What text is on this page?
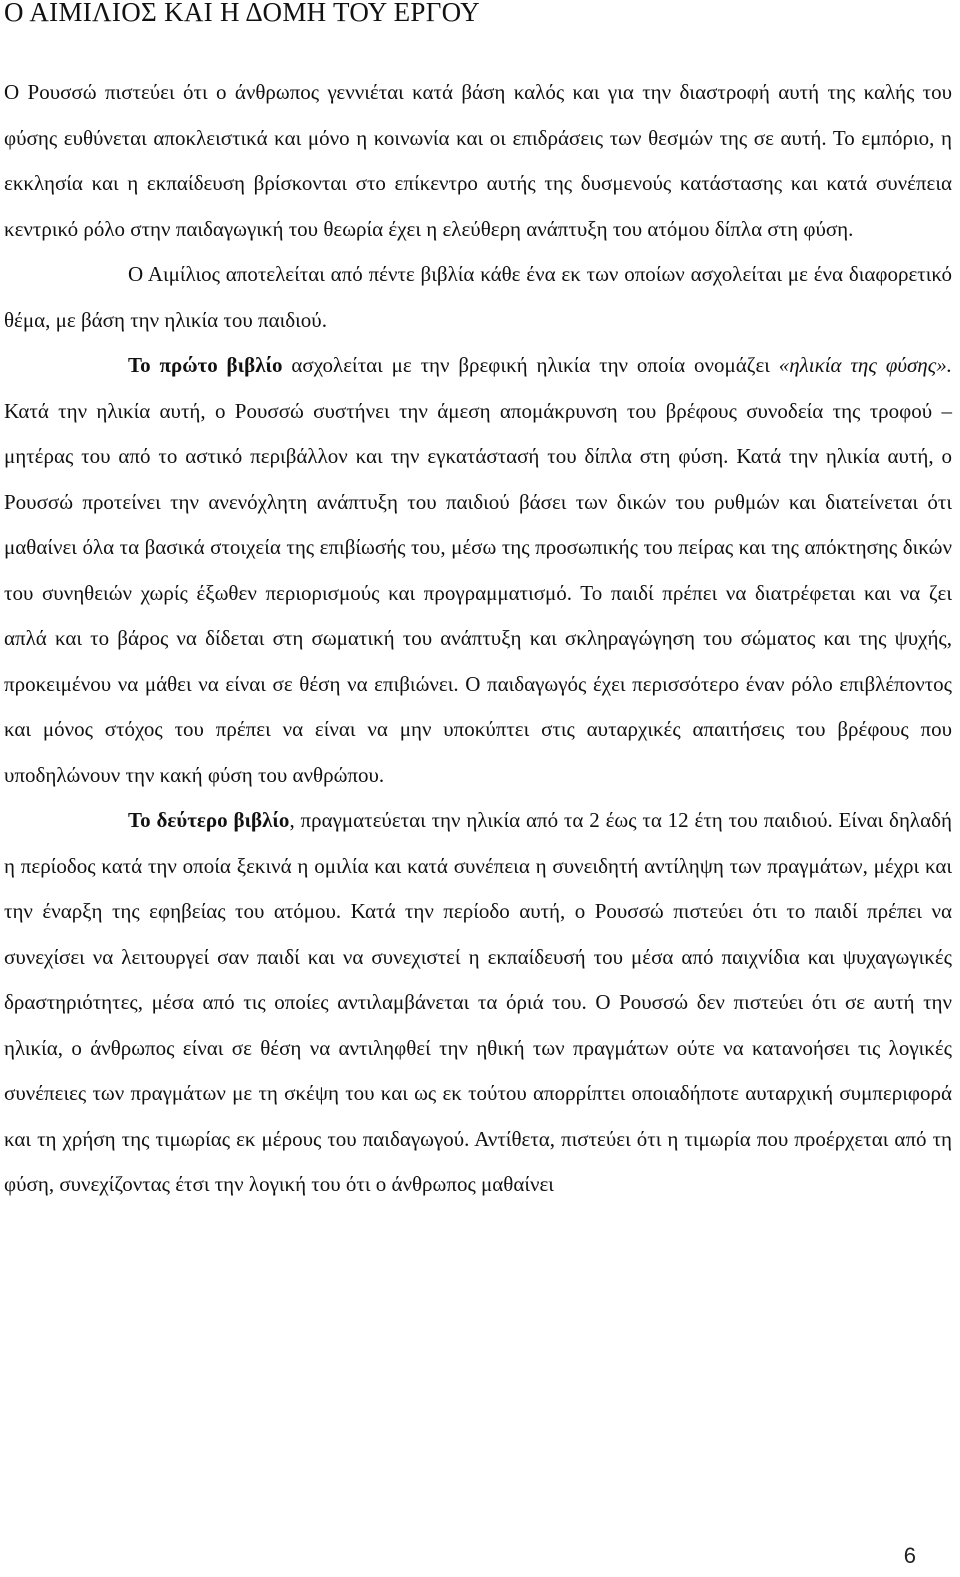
Ο ΑΙΜΙΛΙΟΣ ΚΑΙ Η ΔΟΜΗ ΤΟΥ ΕΡΓΟΥ

Ο Ρουσσώ πιστεύει ότι ο άνθρωπος γεννιέται κατά βάση καλός και για την διαστροφή αυτή της καλής του φύσης ευθύνεται αποκλειστικά και μόνο η κοινωνία και οι επιδράσεις των θεσμών της σε αυτή. Το εμπόριο, η εκκλησία και η εκπαίδευση βρίσκονται στο επίκεντρο αυτής της δυσμενούς κατάστασης και κατά συνέπεια κεντρικό ρόλο στην παιδαγωγική του θεωρία έχει η ελεύθερη ανάπτυξη του ατόμου δίπλα στη φύση.

Ο Αιμίλιος αποτελείται από πέντε βιβλία κάθε ένα εκ των οποίων ασχολείται με ένα διαφορετικό θέμα, με βάση την ηλικία του παιδιού.

Το πρώτο βιβλίο ασχολείται με την βρεφική ηλικία την οποία ονομάζει «ηλικία της φύσης». Κατά την ηλικία αυτή, ο Ρουσσώ συστήνει την άμεση απομάκρυνση του βρέφους συνοδεία της τροφού – μητέρας του από το αστικό περιβάλλον και την εγκατάστασή του δίπλα στη φύση. Κατά την ηλικία αυτή, ο Ρουσσώ προτείνει την ανενόχλητη ανάπτυξη του παιδιού βάσει των δικών του ρυθμών και διατείνεται ότι μαθαίνει όλα τα βασικά στοιχεία της επιβίωσής του, μέσω της προσωπικής του πείρας και της απόκτησης δικών του συνηθειών χωρίς έξωθεν περιορισμούς και προγραμματισμό. Το παιδί πρέπει να διατρέφεται και να ζει απλά και το βάρος να δίδεται στη σωματική του ανάπτυξη και σκληραγώγηση του σώματος και της ψυχής, προκειμένου να μάθει να είναι σε θέση να επιβιώνει. Ο παιδαγωγός έχει περισσότερο έναν ρόλο επιβλέποντος και μόνος στόχος του πρέπει να είναι να μην υποκύπτει στις αυταρχικές απαιτήσεις του βρέφους που υποδηλώνουν την κακή φύση του ανθρώπου.

Το δεύτερο βιβλίο, πραγματεύεται την ηλικία από τα 2 έως τα 12 έτη του παιδιού. Είναι δηλαδή η περίοδος κατά την οποία ξεκινά η ομιλία και κατά συνέπεια η συνειδητή αντίληψη των πραγμάτων, μέχρι και την έναρξη της εφηβείας του ατόμου. Κατά την περίοδο αυτή, ο Ρουσσώ πιστεύει ότι το παιδί πρέπει να συνεχίσει να λειτουργεί σαν παιδί και να συνεχιστεί η εκπαίδευσή του μέσα από παιχνίδια και ψυχαγωγικές δραστηριότητες, μέσα από τις οποίες αντιλαμβάνεται τα όριά του. Ο Ρουσσώ δεν πιστεύει ότι σε αυτή την ηλικία, ο άνθρωπος είναι σε θέση να αντιληφθεί την ηθική των πραγμάτων ούτε να κατανοήσει τις λογικές συνέπειες των πραγμάτων με τη σκέψη του και ως εκ τούτου απορρίπτει οποιαδήποτε αυταρχική συμπεριφορά και τη χρήση της τιμωρίας εκ μέρους του παιδαγωγού. Αντίθετα, πιστεύει ότι η τιμωρία που προέρχεται από τη φύση, συνεχίζοντας έτσι την λογική του ότι ο άνθρωπος μαθαίνει

6
